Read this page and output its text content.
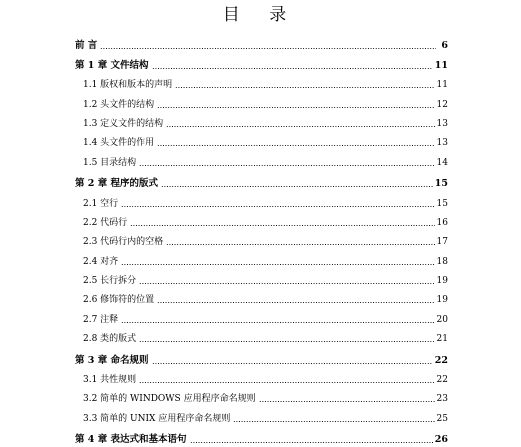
目 录
前 言	6
第 1 章 文件结构	11
1.1 版权和版本的声明	11
1.2 头文件的结构	12
1.3 定义文件的结构	13
1.4 头文件的作用	13
1.5 目录结构	14
第 2 章 程序的版式	15
2.1 空行	15
2.2 代码行	16
2.3 代码行内的空格	17
2.4 对齐	18
2.5 长行拆分	19
2.6 修饰符的位置	19
2.7 注释	20
2.8 类的版式	21
第 3 章 命名规则	22
3.1 共性规则	22
3.2 简单的 WINDOWS 应用程序命名规则	23
3.3 简单的 UNIX 应用程序命名规则	25
第 4 章 表达式和基本语句	26
